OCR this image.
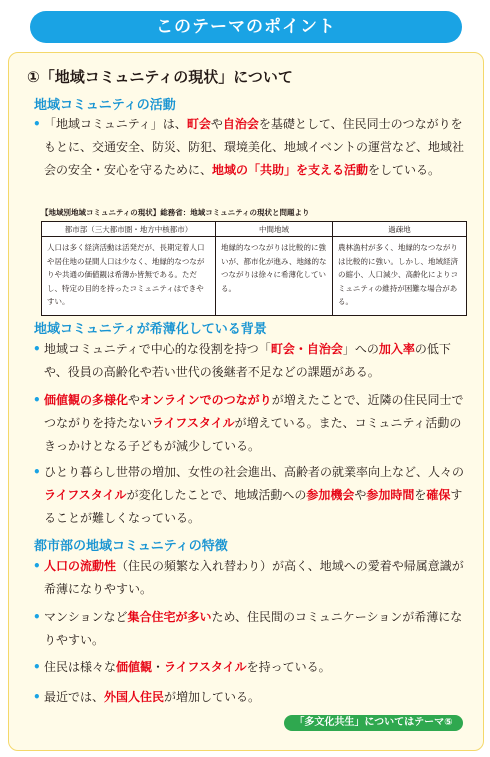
このテーマのポイント
①「地域コミュニティの現状」について
地域コミュニティの活動
• 「地域コミュニティ」は、町会や自治会を基礎として、住民同士のつながりをもとに、交通安全、防災、防犯、環境美化、地域イベントの運営など、地域社会の安全・安心を守るために、地域の「共助」を支える活動をしている。
【地域別地域コミュニティの現状】総務省：地域コミュニティの現状と問題より
都市部（三大都市圏・地方中核都市）	中間地域	過疎地
人口は多く経済活動は活発だが、長期定着人口や居住地の昼間人口は少なく、地縁的なつながりや共通の価値観は希薄か皆無である。ただし、特定の目的を持ったコミュニティはできやすい。	地縁的なつながりは比較的に強いが、都市化が進み、地縁的なつながりは徐々に希薄化している。	農林漁村が多く、地縁的なつながりは比較的に強い。しかし、地域経済の縮小、人口減少、高齢化によりコミュニティの維持が困難な場合がある。
地域コミュニティが希薄化している背景
• 地域コミュニティで中心的な役割を持つ「町会・自治会」への加入率の低下や、役員の高齢化や若い世代の後継者不足などの課題がある。
• 価値観の多様化やオンラインでのつながりが増えたことで、近隣の住民同士でつながりを持たないライフスタイルが増えている。また、コミュニティ活動のきっかけとなる子どもが減少している。
• ひとり暮らし世帯の増加、女性の社会進出、高齢者の就業率向上など、人々のライフスタイルが変化したことで、地域活動への参加機会や参加時間を確保することが難しくなっている。
都市部の地域コミュニティの特徴
• 人口の流動性（住民の頻繁な入れ替わり）が高く、地域への愛着や帰属意識が希薄になりやすい。
• マンションなど集合住宅が多いため、住民間のコミュニケーションが希薄になりやすい。
• 住民は様々な価値観・ライフスタイルを持っている。
• 最近では、外国人住民が増加している。
「多文化共生」についてはテーマ⑤
